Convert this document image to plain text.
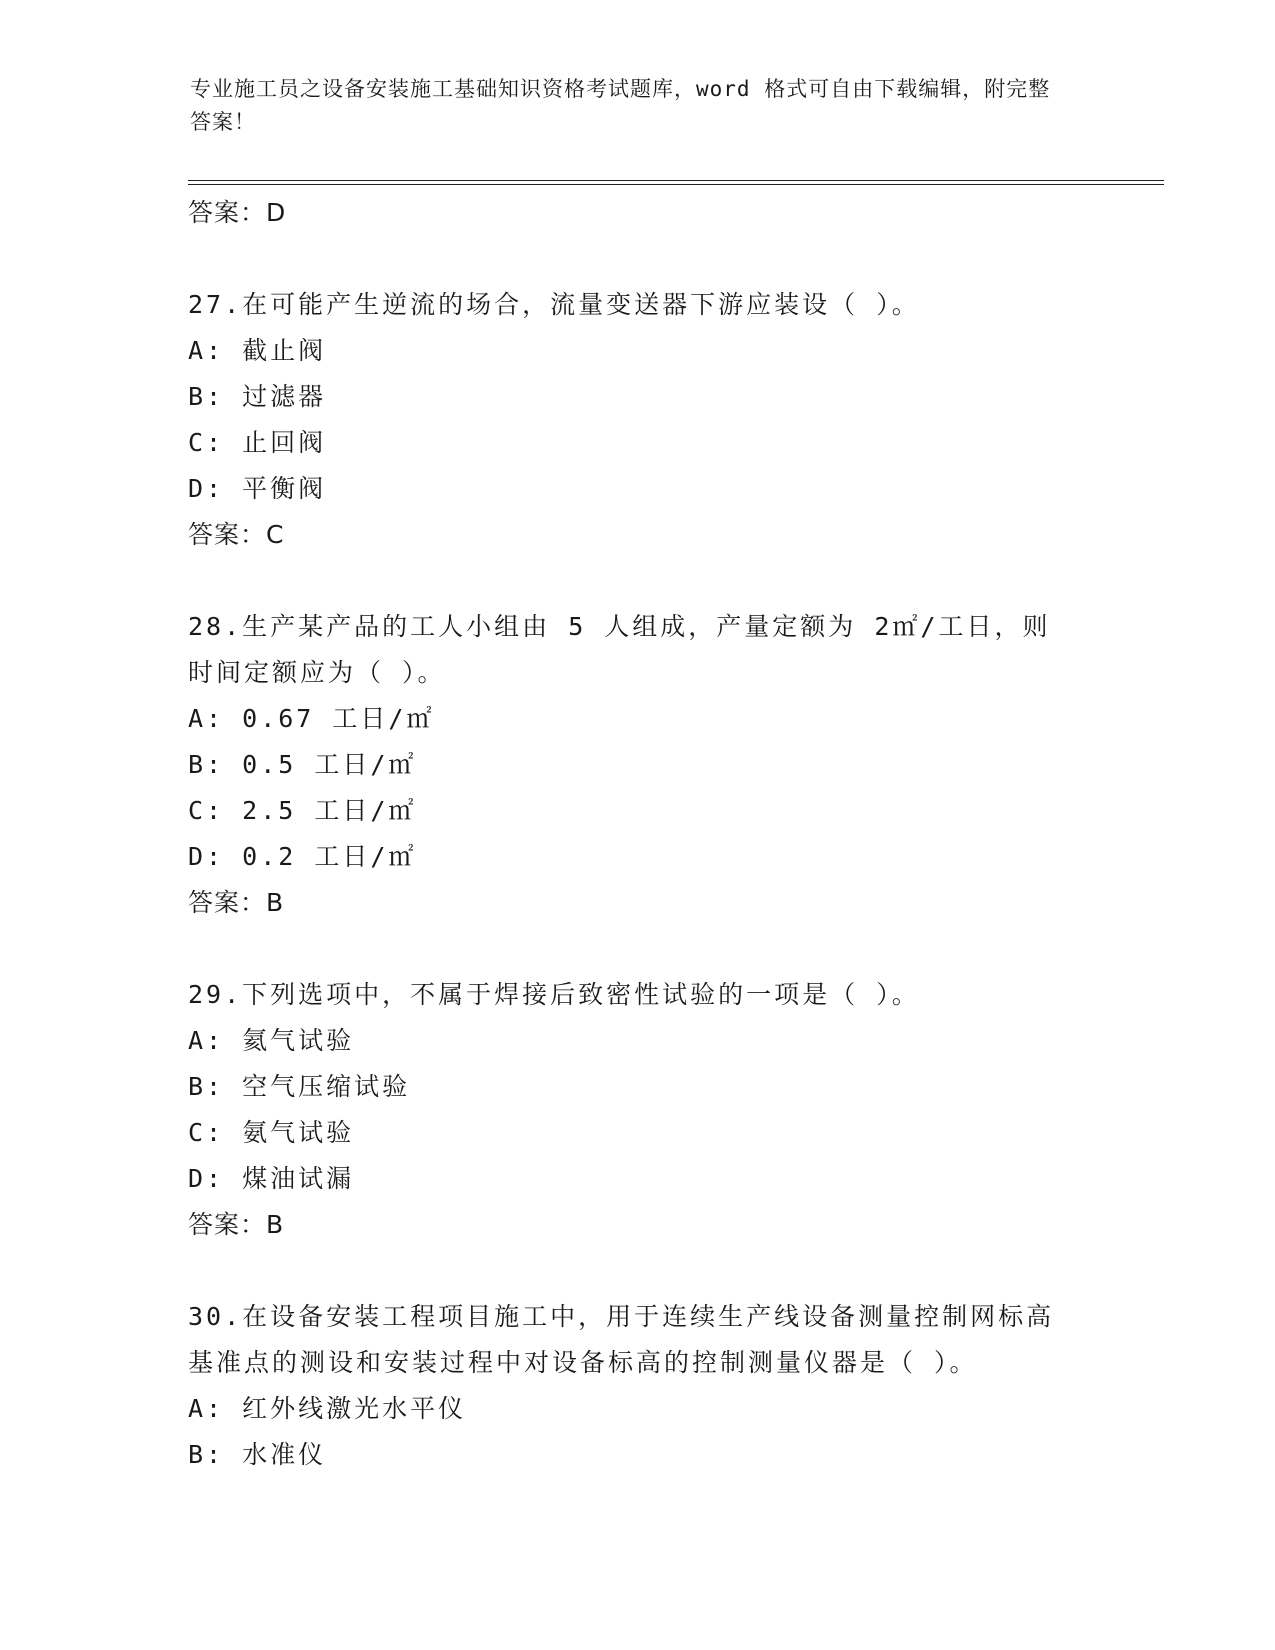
专业施工员之设备安装施工基础知识资格考试题库，word 格式可自由下载编辑，附完整答案！
答案：D
27.在可能产生逆流的场合，流量变送器下游应装设（ ）。
A: 截止阀
B: 过滤器
C: 止回阀
D: 平衡阀
答案：C
28.生产某产品的工人小组由 5 人组成，产量定额为 2㎡/工日，则时间定额应为（ ）。
A: 0.67 工日/㎡
B: 0.5 工日/㎡
C: 2.5 工日/㎡
D: 0.2 工日/㎡
答案：B
29.下列选项中，不属于焊接后致密性试验的一项是（ ）。
A: 氦气试验
B: 空气压缩试验
C: 氨气试验
D: 煤油试漏
答案：B
30.在设备安装工程项目施工中，用于连续生产线设备测量控制网标高基准点的测设和安装过程中对设备标高的控制测量仪器是（ ）。
A: 红外线激光水平仪
B: 水准仪
